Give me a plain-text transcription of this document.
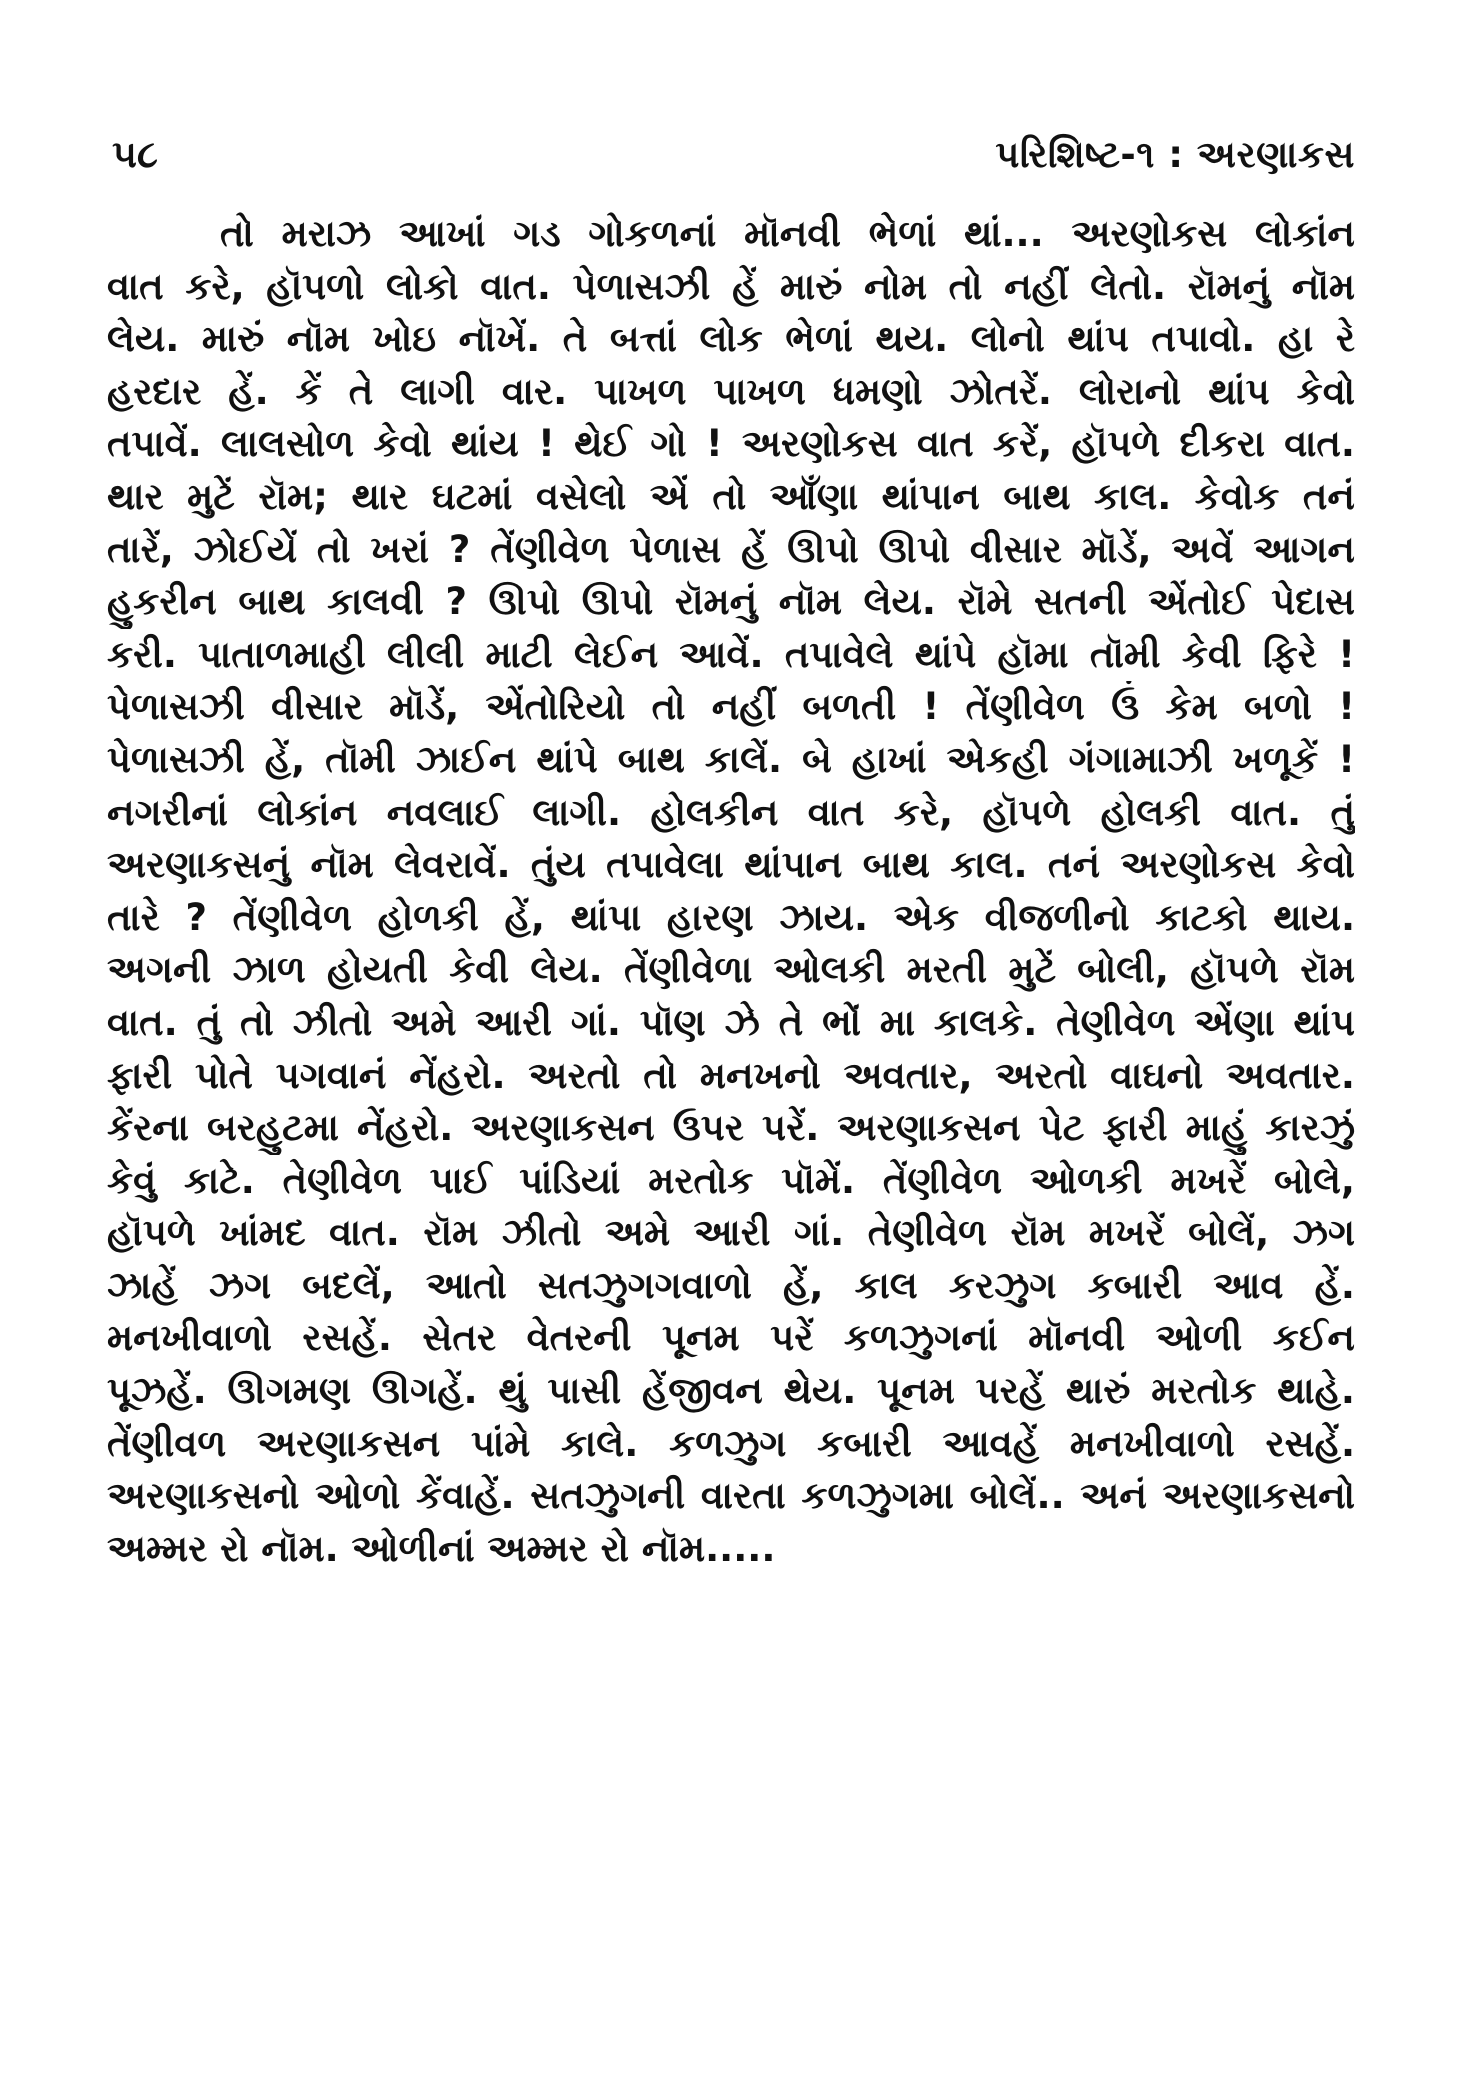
૫૮	પરિશિષ્ટ-૧ : અરણાકસ
તો મરાઝ આખાં ગડ ગોકળનાં મૉનવી ભેળાં થાં... અરણોકસ લોકાંન
વાત કરે, હૉપળો લોકો વાત. પેળાસઝી હેં મારું નોમ તો નહીં લેતો. રૉમનું નૉમ
લેય. મારું નૉમ ખોઇ નૉખેં. તે બત્તાં લોક ભેળાં થય. લોનો થાંપ તપાવો. હા રે
હરદાર હેં. કેં તે લાગી વાર. પાખળ પાખળ ધમણો ઝોતરેં. લોરાનો થાંપ કેવો
તપાવેં. લાલસોળ કેવો થાંય ! થેઈ ગો ! અરણોકસ વાત કરેં, હૉપળે દીકરા વાત.
થાર મુટેં રૉમ; થાર ઘટમાં વસેલો એં તો આઁણા થાંપાન બાથ કાલ. કેવોક તનં
તારેં, ઝોઈયેં તો ખરાં ? તેંણીવેળ પેળાસ હેં ઊપો ઊપો વીસાર મૉડેં, અવેં આગન
હુકરીન બાથ કાલવી ? ઊપો ઊપો રૉમનું નૉમ લેય. રૉમે સતની એંતોઈ પેદાસ
કરી. પાતાળમાહી લીલી માટી લેઈન આવેં. તપાવેલે થાંપે હૉમા તૉમી કેવી ફિરે !
પેળાસઝી વીસાર મૉડેં, એંતોરિયો તો નહીં બળતી ! તેંણીવેળ ઉં કેમ બળો !
પેળાસઝી હેં, તૉમી ઝાઈન થાંપે બાથ કાલેં. બે હાખાં એકહી ગંગામાઝી ખળૂકેં !
નગરીનાં લોકાંન નવલાઈ લાગી. હોલકીન વાત કરે, હૉપળે હોલકી વાત. તું
અરણાકસનું નૉમ લેવરાવેં. તુંય તપાવેલા થાંપાન બાથ કાલ. તનં અરણોકસ કેવો
તારે ? તેંણીવેળ હોળકી હેં, થાંપા હારણ ઝાય. એક વીજળીનો કાટકો થાય.
અગની ઝાળ હોયતી કેવી લેય. તેંણીવેળા ઓલકી મરતી મુટેં બોલી, હૉપળે રૉમ
વાત. તું તો ઝીતો અમે આરી ગાં. પૉણ ઝે તે ભોં મા કાલકે. તેણીવેળ એંણા થાંપ
ફારી પોતે પગવાનં નેંહરો. અરતો તો મનખનો અવતાર, અરતો વાઘનો અવતાર.
કેંરના બરહુટમા નેંહરો. અરણાકસન ઉપર પરેં. અરણાકસન પેટ ફારી માહું કારઝું
કેવું કાટે. તેણીવેળ પાઈ પાંડિયાં મરતોક પૉમેં. તેંણીવેળ ઓળકી મખરેં બોલે,
હૉપળે ખાંમદ વાત. રૉમ ઝીતો અમે આરી ગાં. તેણીવેળ રૉમ મખરેં બોલેં, ઝગ
ઝાહેં ઝગ બદલેં, આતો સતઝુગગવાળો હેં, કાલ કરઝુગ કબારી આવ હેં.
મનખીવાળો રસહેં. સેતર વેતરની પૂનમ પરેં કળઝુગનાં મૉનવી ઓળી કઈન
પૂઝહેં. ઊગમણ ઊગહેં. થું પાસી હેંજીવન થેય. પૂનમ પરહેં થારું મરતોક થાહે.
તેંણીવળ અરણાકસન પાંમે કાલે. કળઝુગ કબારી આવહેં મનખીવાળો રસહેં.
અરણાકસનો ઓળો કેંવાહેં. સતઝુગની વારતા કળઝુગમા બોલેં.. અનં અરણાકસનો
અમ્મર રો નૉમ. ઓળીનાં અમ્મર રો નૉમ.....
